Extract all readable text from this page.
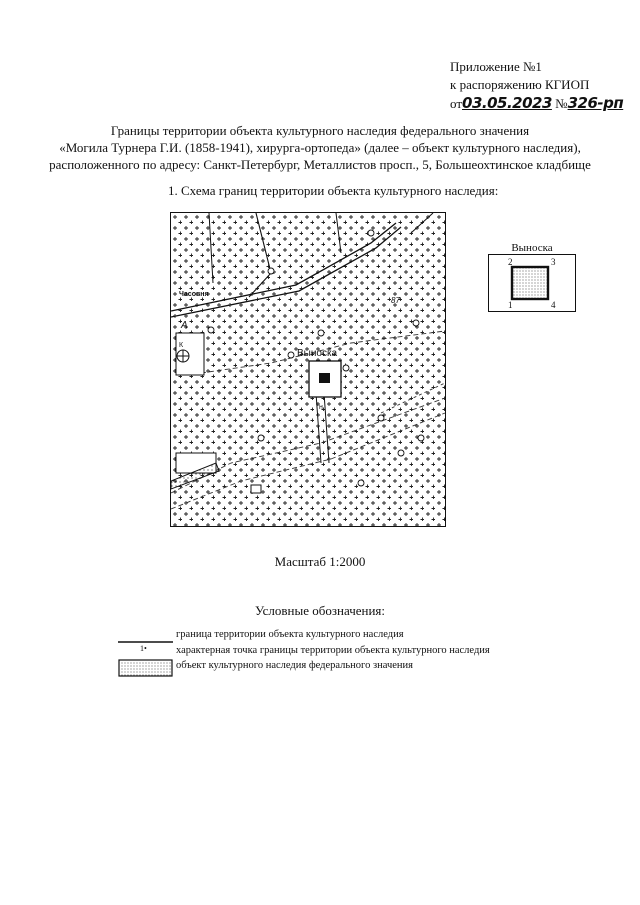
Приложение №1
к распоряжению КГИОП
от03.05.2023 №326-рп
Границы территории объекта культурного наследия федерального значения
«Могила Турнера Г.И. (1858-1941), хирурга-ортопеда» (далее – объект культурного наследия),
расположенного по адресу: Санкт-Петербург, Металлистов просп., 5, Большеохтинское кладбище
1. Схема границ территории объекта культурного наследия:
Выноска
А
Часовня
К
н
87
Выноска
2	3
1	4
Масштаб 1:2000
Условные обозначения:
граница территории объекта культурного наследия
1•	характерная точка границы территории объекта культурного наследия
объект культурного наследия федерального значения
